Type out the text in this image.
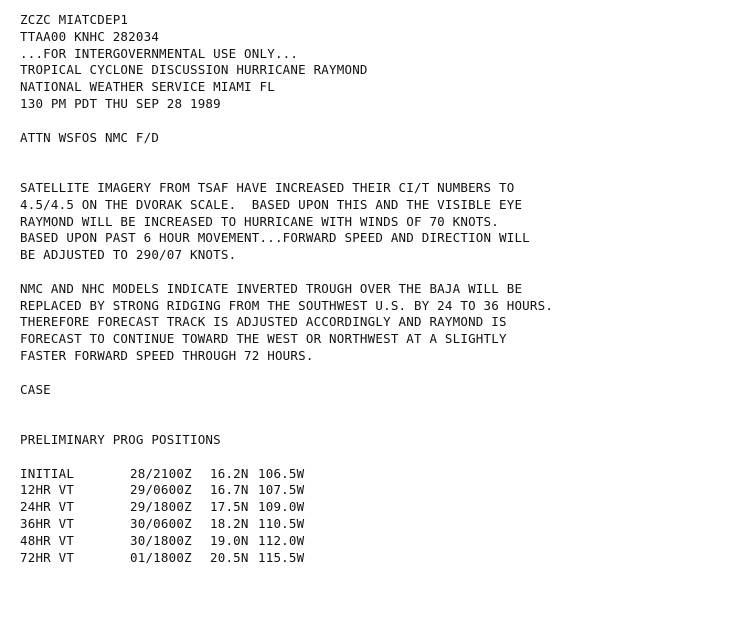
ZCZC MIATCDEP1
TTAA00 KNHC 282034
...FOR INTERGOVERNMENTAL USE ONLY...
TROPICAL CYCLONE DISCUSSION HURRICANE RAYMOND
NATIONAL WEATHER SERVICE MIAMI FL
130 PM PDT THU SEP 28 1989
ATTN WSFOS NMC F/D
SATELLITE IMAGERY FROM TSAF HAVE INCREASED THEIR CI/T NUMBERS TO
4.5/4.5 ON THE DVORAK SCALE.  BASED UPON THIS AND THE VISIBLE EYE
RAYMOND WILL BE INCREASED TO HURRICANE WITH WINDS OF 70 KNOTS.
BASED UPON PAST 6 HOUR MOVEMENT...FORWARD SPEED AND DIRECTION WILL
BE ADJUSTED TO 290/07 KNOTS.
NMC AND NHC MODELS INDICATE INVERTED TROUGH OVER THE BAJA WILL BE
REPLACED BY STRONG RIDGING FROM THE SOUTHWEST U.S. BY 24 TO 36 HOURS.
THEREFORE FORECAST TRACK IS ADJUSTED ACCORDINGLY AND RAYMOND IS
FORECAST TO CONTINUE TOWARD THE WEST OR NORTHWEST AT A SLIGHTLY
FASTER FORWARD SPEED THROUGH 72 HOURS.
CASE
PRELIMINARY PROG POSITIONS
INITIAL	28/2100Z	16.2N	106.5W
12HR VT	29/0600Z	16.7N	107.5W
24HR VT	29/1800Z	17.5N	109.0W
36HR VT	30/0600Z	18.2N	110.5W
48HR VT	30/1800Z	19.0N	112.0W
72HR VT	01/1800Z	20.5N	115.5W
